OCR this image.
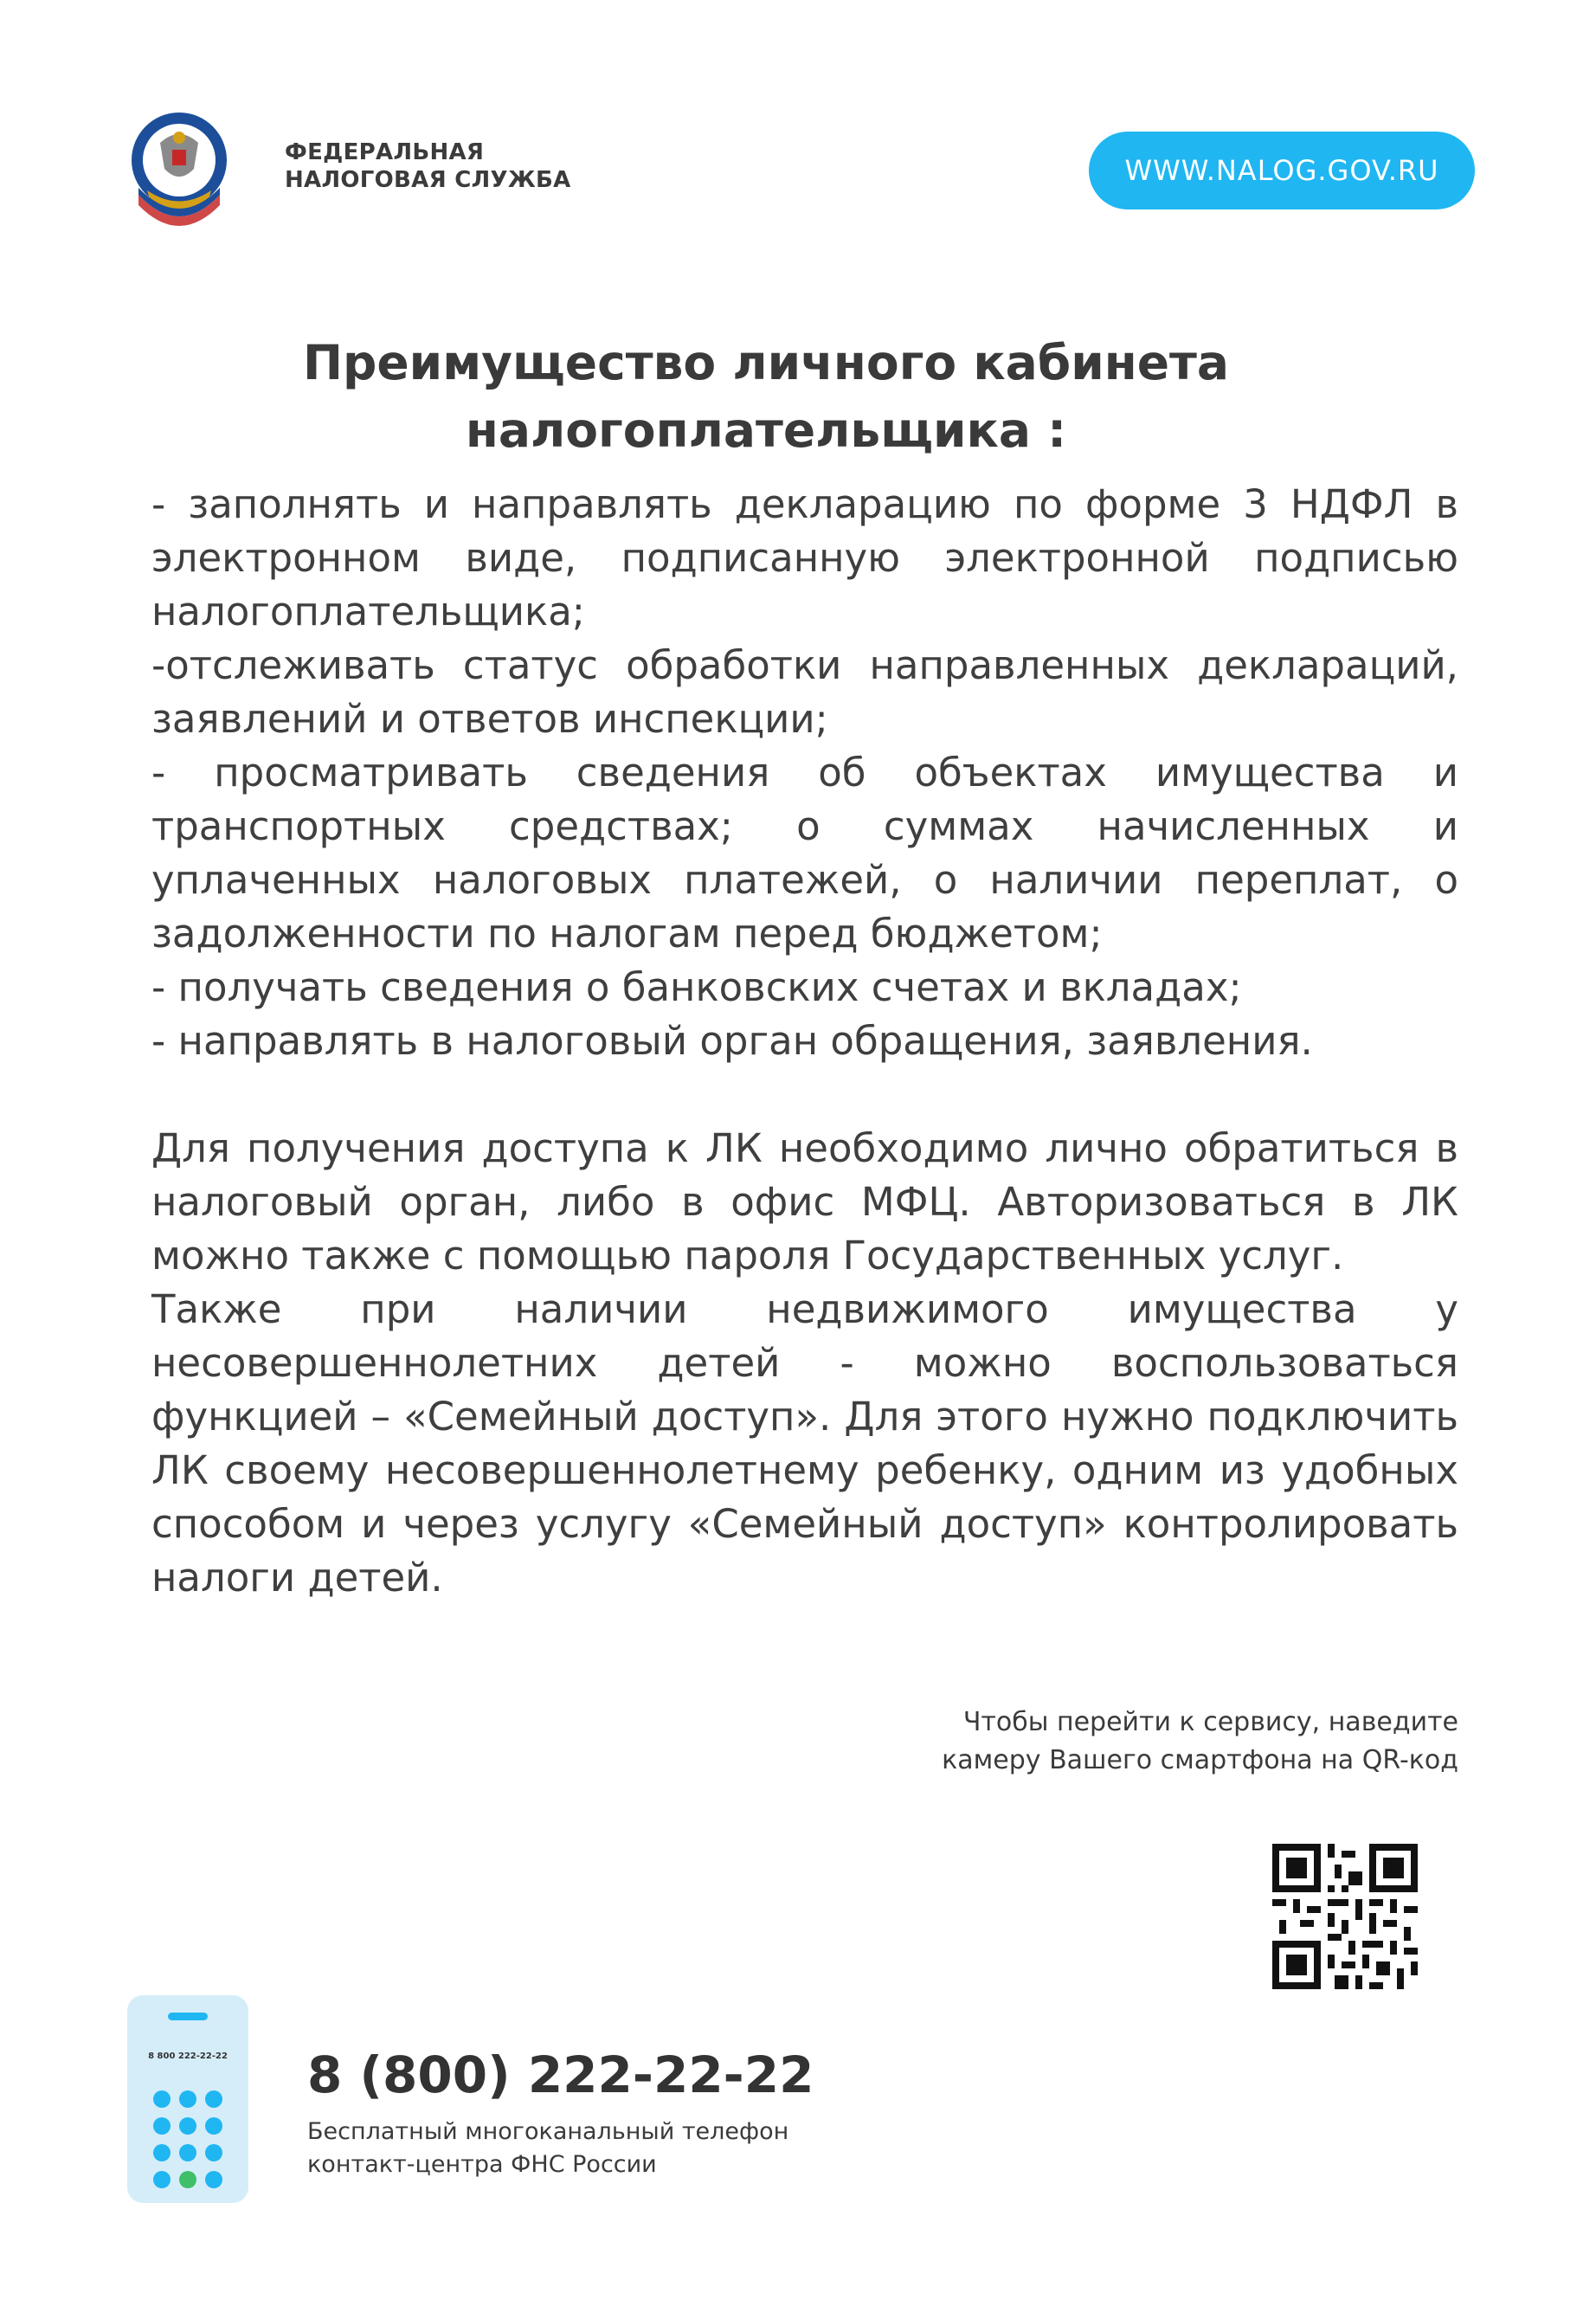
ФЕДЕРАЛЬНАЯ
НАЛОГОВАЯ СЛУЖБА	WWW.NALOG.GOV.RU
Преимущество личного кабинета
налогоплательщика :

- заполнять и направлять декларацию по форме 3 НДФЛ в электронном виде, подписанную электронной подписью налогоплательщика;

-отслеживать статус обработки направленных деклараций, заявлений и ответов инспекции;

- просматривать сведения об объектах имущества и транспортных средствах; о суммах начисленных и уплаченных налоговых платежей, о наличии переплат, о задолженности по налогам перед бюджетом;

- получать сведения о банковских счетах и вкладах;

- направлять в налоговый орган обращения, заявления.

Для получения доступа к ЛК необходимо лично обратиться в налоговый орган, либо в офис МФЦ. Авторизоваться в ЛК можно также с помощью пароля Государственных услуг.

Также при наличии недвижимого имущества у несовершеннолетних детей - можно воспользоваться функцией – «Семейный доступ». Для этого нужно подключить ЛК своему несовершеннолетнему ребенку, одним из удобных способом и через услугу «Семейный доступ» контролировать налоги детей.

Чтобы перейти к сервису, наведите
камеру Вашего смартфона на QR-код
8 800 222-22-22	8 (800) 222-22-22
Бесплатный многоканальный телефон
контакт-центра ФНС России
